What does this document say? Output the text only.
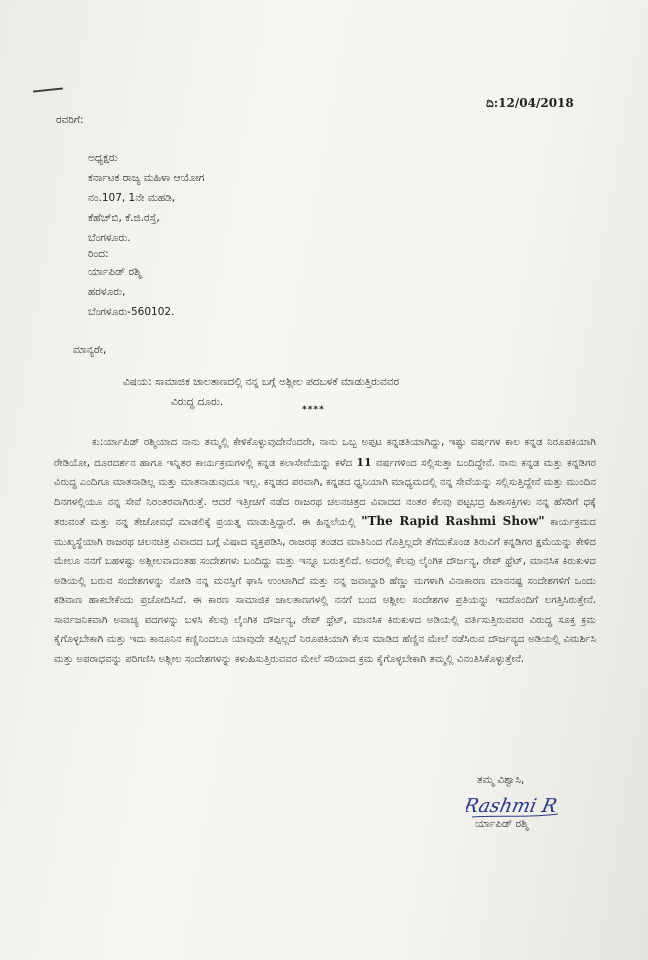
ದಿ:12/04/2018
ರವರಿಗೆ:
ಅಧ್ಯಕ್ಷರು
ಕರ್ನಾಟಕ ರಾಜ್ಯ ಮಹಿಳಾ ಆಯೋಗ
ನಂ.107, 1ನೇ ಮಹಡಿ,
ಕೆಹೆಚ್‌ಬಿ, ಕೆ.ಜಿ.ರಸ್ತೆ,
ಬೆಂಗಳೂರು.
ರಿಂದ:
ರ್ಯಾಪಿಡ್ ರಶ್ಮಿ
ಹರಳೂರು,
ಬೆಂಗಳೂರು-560102.
ಮಾನ್ಯರೇ,
ವಿಷಯ: ಸಾಮಾಜಿಕ ಜಾಲತಾಣದಲ್ಲಿ ನನ್ನ ಬಗ್ಗೆ ಅಶ್ಲೀಲ ಪದಬಳಕೆ ಮಾಡುತ್ತಿರುವವರ
ವಿರುದ್ಧ ದೂರು.
****

ಕು:ರ್ಯಾಪಿಡ್ ರಶ್ಮಿಯಾದ ನಾನು ತಮ್ಮಲ್ಲಿ ಕೇಳಿಕೊಳ್ಳುವುದೇನೆಂದರೇ, ನಾನು ಒಬ್ಬ ಅಪ್ಪಟ ಕನ್ನಡತಿಯಾಗಿದ್ದು, ಇಷ್ಟು ವರ್ಷಗಳ ಕಾಲ ಕನ್ನಡ ನಿರೂಪಕಿಯಾಗಿ ರೇಡಿಯೋ, ದೂರದರ್ಶನ ಹಾಗೂ ಇನ್ನಿತರ ಕಾರ್ಯಕ್ರಮಗಳಲ್ಲಿ ಕನ್ನಡ ಕಲಾಸೇವೆಯನ್ನು ಕಳೆದ 11 ವರ್ಷಗಳಿಂದ ಸಲ್ಲಿಸುತ್ತಾ ಬಂದಿದ್ದೇನೆ. ನಾನು ಕನ್ನಡ ಮತ್ತು ಕನ್ನಡಿಗರ ವಿರುದ್ಧ ಎಂದಿಗೂ ಮಾತನಾಡಿಲ್ಲ ಮತ್ತು ಮಾತನಾಡುವುದೂ ಇಲ್ಲ. ಕನ್ನಡದ ಪರವಾಗಿ, ಕನ್ನಡದ ಧ್ವನಿಯಾಗಿ ಮಾಧ್ಯಮದಲ್ಲಿ ನನ್ನ ಸೇವೆಯನ್ನು ಸಲ್ಲಿಸುತ್ತಿದ್ದೇನೆ ಮತ್ತು ಮುಂದಿನ ದಿನಗಳಲ್ಲಿಯೂ ನನ್ನ ಸೇವೆ ನಿರಂತರವಾಗಿರುತ್ತೆ. ಆದರೆ ಇತ್ತೀಚಿಗೆ ನಡೆದ ರಾಜರಥ ಚಲನಚಿತ್ರದ ವಿವಾದದ ನಂತರ ಕೆಲವು ಪಟ್ಟಭದ್ರ ಹಿತಾಸಕ್ತಿಗಳು ನನ್ನ ಹೆಸರಿಗೆ ಧಕ್ಕೆ ತರುವಂತೆ ಮತ್ತು ನನ್ನ ತೇಜೋವಧೆ ಮಾಡಲಿಕ್ಕೆ ಪ್ರಯತ್ನ ಮಾಡುತ್ತಿದ್ದಾರೆ. ಈ ಹಿನ್ನಲೆಯಲ್ಲಿ "The Rapid Rashmi Show" ಕಾರ್ಯಕ್ರಮದ ಮುಖ್ಯಸ್ಥೆಯಾಗಿ ರಾಜರಥ ಚಲನಚಿತ್ರ ವಿವಾದದ ಬಗ್ಗೆ ವಿಷಾದ ವ್ಯಕ್ತಪಡಿಸಿ, ರಾಜರಥ ತಂಡದ ಮಾತಿನಿಂದ ಗೊತ್ತಿಲ್ಲದೇ ತೆಗೆದುಕೊಂಡ ತಿರುವಿಗೆ ಕನ್ನಡಿಗರ ಕ್ಷಮೆಯನ್ನು ಕೇಳಿದ ಮೇಲೂ ನನಗೆ ಬಹಳಷ್ಟು ಅಶ್ಲೀಲವಾದಂತಹ ಸಂದೇಶಗಳು ಬಂದಿದ್ದು ಮತ್ತು ಇನ್ನೂ ಬರುತ್ತಲಿದೆ. ಅದರಲ್ಲಿ ಕೆಲವು ಲೈಂಗಿಕ ದೌರ್ಜನ್ಯ, ರೇಪ್ ಥ್ರೆಟ್, ಮಾನಸಿಕ ಕಿರುಕುಳದ ಅಡಿಯಲ್ಲಿ ಬರುವ ಸಂದೇಶಗಳನ್ನು ನೋಡಿ ನನ್ನ ಮನಸ್ಸಿಗೆ ಘಾಸಿ ಉಂಟಾಗಿದೆ ಮತ್ತು ನನ್ನ ಜವಾಬ್ದಾರಿ ಹೆಣ್ಣು ಮಗಳಾಗಿ ವಿನಾಕಾರಣ ಮಾನನಷ್ಟ ಸಂದೇಶಗಳಿಗೆ ಒಂದು ಕಡಿವಾಣ ಹಾಕಬೇಕೆಂದು ಪ್ರಚೋದಿಸಿದೆ. ಈ ಕಾರಣ ಸಾಮಾಜಿಕ ಜಾಲತಾಣಗಳಲ್ಲಿ ನನಗೆ ಬಂದ ಅಶ್ಲೀಲ ಸಂದೇಶಗಳ ಪ್ರತಿಯನ್ನು ಇದರೊಂದಿಗೆ ಲಗತ್ತಿಸಿರುತ್ತೇನೆ. ಸಾರ್ವಜನಿಕವಾಗಿ ಅವಾಚ್ಯ ಪದಗಳನ್ನು ಬಳಸಿ ಕೆಲವು ಲೈಂಗಿಕ ದೌರ್ಜನ್ಯ, ರೇಪ್ ಥ್ರೆಟ್, ಮಾನಸಿಕ ಕಿರುಕುಳದ ಅಡಿಯಲ್ಲಿ ವರ್ತಿಸುತ್ತಿರುವವರ ವಿರುದ್ಧ ಸೂಕ್ತ ಕ್ರಮ ಕೈಗೊಳ್ಳಬೇಕಾಗಿ ಮತ್ತು ಇದು ಕಾನೂನಿನ ಕಣ್ಣಿನಿಂದಲೂ ಯಾವುದೇ ತಪ್ಪಿಲ್ಲದೆ ನಿರೂಪಕಿಯಾಗಿ ಕೆಲಸ ಮಾಡಿದ ಹೆಣ್ಣಿನ ಮೇಲೆ ನಡೆಸಿರುವ ದೌರ್ಜನ್ಯದ ಅಡಿಯಲ್ಲಿ ವಿಮರ್ಶಿಸಿ ಮತ್ತು ಅಪರಾಧವನ್ನು ಪರಿಗಣಿಸಿ ಅಶ್ಲೀಲ ಸಂದೇಶಗಳನ್ನು ಕಳುಹಿಸುತ್ತಿರುವವರ ಮೇಲೆ ಸರಿಯಾದ ಕ್ರಮ ಕೈಗೊಳ್ಳಬೇಕಾಗಿ ತಮ್ಮಲ್ಲಿ ವಿನಂತಿಸಿಕೊಳ್ಳುತ್ತೇನೆ.

ತಮ್ಮ ವಿಶ್ವಾಸಿ,
Rashmi R
ರ್ಯಾಪಿಡ್ ರಶ್ಮಿ
